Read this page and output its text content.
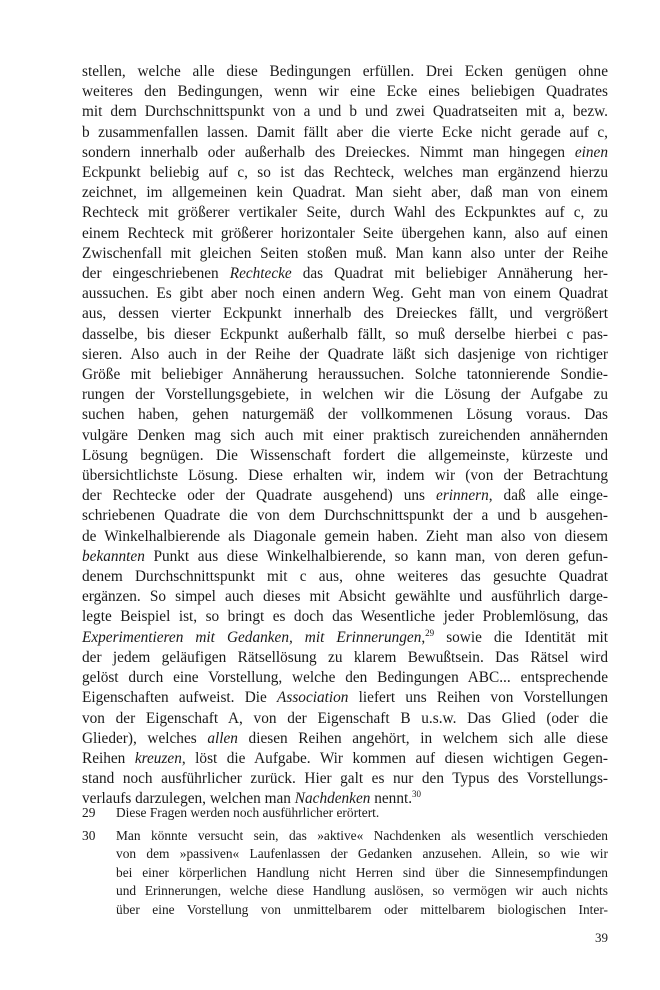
stellen, welche alle diese Bedingungen erfüllen. Drei Ecken genügen ohne
weiteres den Bedingungen, wenn wir eine Ecke eines beliebigen Quadrates
mit dem Durchschnittspunkt von a und b und zwei Quadratseiten mit a, bezw.
b zusammenfallen lassen. Damit fällt aber die vierte Ecke nicht gerade auf c,
sondern innerhalb oder außerhalb des Dreieckes. Nimmt man hingegen einen
Eckpunkt beliebig auf c, so ist das Rechteck, welches man ergänzend hierzu
zeichnet, im allgemeinen kein Quadrat. Man sieht aber, daß man von einem
Rechteck mit größerer vertikaler Seite, durch Wahl des Eckpunktes auf c, zu
einem Rechteck mit größerer horizontaler Seite übergehen kann, also auf einen
Zwischenfall mit gleichen Seiten stoßen muß. Man kann also unter der Reihe
der eingeschriebenen Rechtecke das Quadrat mit beliebiger Annäherung her-
aussuchen. Es gibt aber noch einen andern Weg. Geht man von einem Quadrat
aus, dessen vierter Eckpunkt innerhalb des Dreieckes fällt, und vergrößert
dasselbe, bis dieser Eckpunkt außerhalb fällt, so muß derselbe hierbei c pas-
sieren. Also auch in der Reihe der Quadrate läßt sich dasjenige von richtiger
Größe mit beliebiger Annäherung heraussuchen. Solche tatonnierende Sondie-
rungen der Vorstellungsgebiete, in welchen wir die Lösung der Aufgabe zu
suchen haben, gehen naturgemäß der vollkommenen Lösung voraus. Das
vulgäre Denken mag sich auch mit einer praktisch zureichenden annähernden
Lösung begnügen. Die Wissenschaft fordert die allgemeinste, kürzeste und
übersichtlichste Lösung. Diese erhalten wir, indem wir (von der Betrachtung
der Rechtecke oder der Quadrate ausgehend) uns erinnern, daß alle einge-
schriebenen Quadrate die von dem Durchschnittspunkt der a und b ausgehen-
de Winkelhalbierende als Diagonale gemein haben. Zieht man also von diesem
bekannten Punkt aus diese Winkelhalbierende, so kann man, von deren gefun-
denem Durchschnittspunkt mit c aus, ohne weiteres das gesuchte Quadrat
ergänzen. So simpel auch dieses mit Absicht gewählte und ausführlich darge-
legte Beispiel ist, so bringt es doch das Wesentliche jeder Problemlösung, das
Experimentieren mit Gedanken, mit Erinnerungen,$^{29}$ sowie die Identität mit
der jedem geläufigen Rätsellösung zu klarem Bewußtsein. Das Rätsel wird
gelöst durch eine Vorstellung, welche den Bedingungen ABC... entsprechende
Eigenschaften aufweist. Die Association liefert uns Reihen von Vorstellungen
von der Eigenschaft A, von der Eigenschaft B u.s.w. Das Glied (oder die
Glieder), welches allen diesen Reihen angehört, in welchem sich alle diese
Reihen kreuzen, löst die Aufgabe. Wir kommen auf diesen wichtigen Gegen-
stand noch ausführlicher zurück. Hier galt es nur den Typus des Vorstellungs-
verlaufs darzulegen, welchen man Nachdenken nennt.$^{30}$
29 Diese Fragen werden noch ausführlicher erörtert.
30 Man könnte versucht sein, das »aktive« Nachdenken als wesentlich verschieden
von dem »passiven« Laufenlassen der Gedanken anzusehen. Allein, so wie wir
bei einer körperlichen Handlung nicht Herren sind über die Sinnesempfindungen
und Erinnerungen, welche diese Handlung auslösen, so vermögen wir auch nichts
über eine Vorstellung von unmittelbarem oder mittelbarem biologischen Inter-
39
